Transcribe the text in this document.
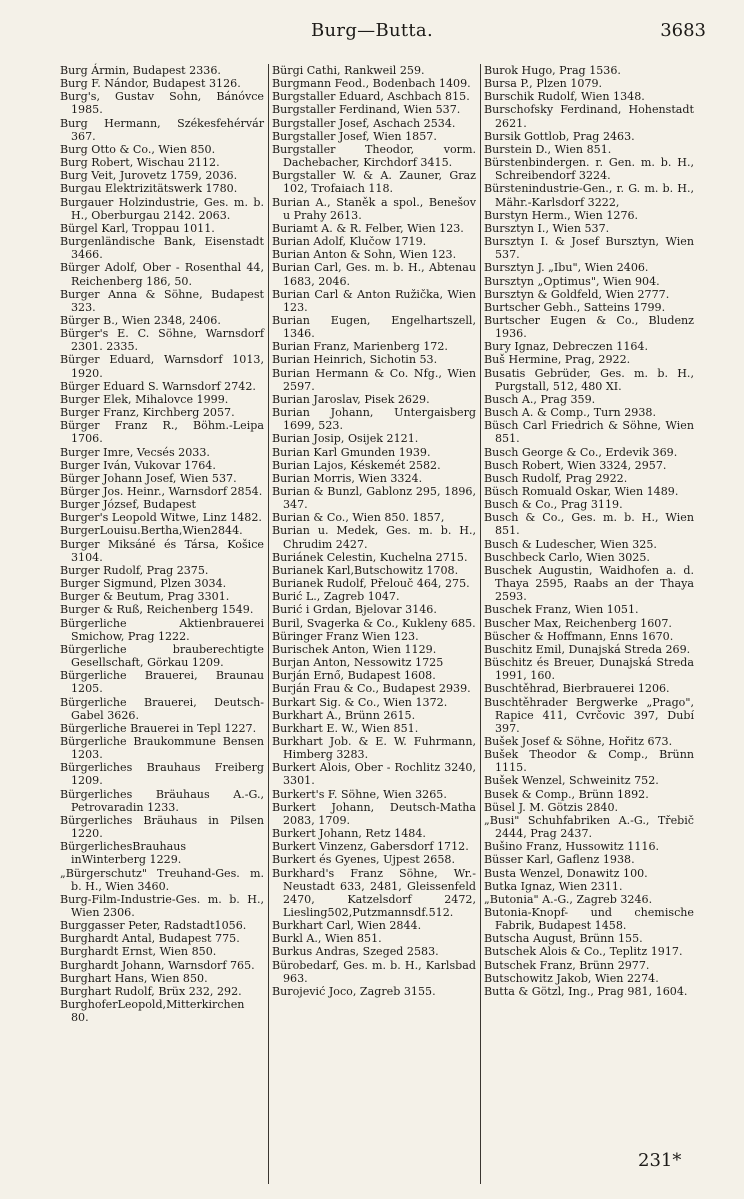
Burg—Butta.	3683
Burg Ármin, Budapest 2336.
Burg F. Nándor, Budapest 3126.
Burg's, Gustav Sohn, Bánóvce 1985.
Burg Hermann, Székesfehérvár 367.
Burg Otto & Co., Wien 850.
Burg Robert, Wischau 2112.
Burg Veit, Jurovetz 1759, 2036.
Burgau Elektrizitätswerk 1780.
Burgauer Holzindustrie, Ges. m. b. H., Oberburgau 2142. 2063.
Bürgel Karl, Troppau 1011.
Burgenländische Bank, Eisenstadt 3466.
Bürger Adolf, Ober - Rosenthal 44, Reichenberg 186, 50.
Burger Anna & Söhne, Budapest 323.
Bürger B., Wien 2348, 2406.
Bürger's E. C. Söhne, Warnsdorf 2301. 2335.
Bürger Eduard, Warnsdorf 1013, 1920.
Bürger Eduard S. Warnsdorf 2742.
Burger Elek, Mihalovce 1999.
Burger Franz, Kirchberg 2057.
Bürger Franz R., Böhm.-Leipa 1706.
Burger Imre, Vecsés 2033.
Burger Iván, Vukovar 1764.
Bürger Johann Josef, Wien 537.
Bürger Jos. Heinr., Warnsdorf 2854.
Burger József, Budapest
Burger's Leopold Witwe, Linz 1482.
BurgerLouisu.Bertha,Wien2844.
Burger Miksáné és Társa, Košice 3104.
Burger Rudolf, Prag 2375.
Burger Sigmund, Plzen 3034.
Burger & Beutum, Prag 3301.
Burger & Ruß, Reichenberg 1549.
Bürgerliche Aktienbrauerei Smichow, Prag 1222.
Bürgerliche brauberechtigte Gesellschaft, Görkau 1209.
Bürgerliche Brauerei, Braunau 1205.
Bürgerliche Brauerei, Deutsch-Gabel 3626.
Bürgerliche Brauerei in Tepl 1227.
Bürgerliche Braukommune Bensen 1203.
Bürgerliches Brauhaus Freiberg 1209.
Bürgerliches Bräuhaus A.-G., Petrovaradin 1233.
Bürgerliches Bräuhaus in Pilsen 1220.
BürgerlichesBrauhaus inWinterberg 1229.
„Bürgerschutz" Treuhand-Ges. m. b. H., Wien 3460.
Burg-Film-Industrie-Ges. m. b. H., Wien 2306.
Burggasser Peter, Radstadt1056.
Burghardt Antal, Budapest 775.
Burghardt Ernst, Wien 850.
Burghardt Johann, Warnsdorf 765.
Burghart Hans, Wien 850.
Burghart Rudolf, Brüx 232, 292.
BurghoferLeopold,Mitterkirchen 80.
Bürgi Cathi, Rankweil 259.
Burgmann Feod., Bodenbach 1409.
Burgstaller Eduard, Aschbach 815.
Burgstaller Ferdinand, Wien 537.
Burgstaller Josef, Aschach 2534.
Burgstaller Josef, Wien 1857.
Burgstaller Theodor, vorm. Dachebacher, Kirchdorf 3415.
Burgstaller W. & A. Zauner, Graz 102, Trofaiach 118.
Burian A., Staněk a spol., Benešov u Prahy 2613.
Buriamt A. & R. Felber, Wien 123.
Burian Adolf, Klučow 1719.
Burian Anton & Sohn, Wien 123.
Burian Carl, Ges. m. b. H., Abtenau 1683, 2046.
Burian Carl & Anton Ružička, Wien 123.
Burian Eugen, Engelhartszell, 1346.
Burian Franz, Marienberg 172.
Burian Heinrich, Sichotin 53.
Burian Hermann & Co. Nfg., Wien 2597.
Burian Jaroslav, Pisek 2629.
Burian Johann, Untergaisberg 1699, 523.
Burian Josip, Osijek 2121.
Burian Karl Gmunden 1939.
Burian Lajos, Késkemét 2582.
Burian Morris, Wien 3324.
Burian & Bunzl, Gablonz 295, 1896, 347.
Burian & Co., Wien 850. 1857,
Burian u. Medek, Ges. m. b. H., Chrudim 2427.
Buriánek Celestin, Kuchelna 2715.
Burianek Karl,Butschowitz 1708.
Burianek Rudolf, Přelouč 464, 275.
Burić L., Zagreb 1047.
Burić i Grdan, Bjelovar 3146.
Buril, Svagerka & Co., Kukleny 685.
Büringer Franz Wien 123.
Burischek Anton, Wien 1129.
Burjan Anton, Nessowitz 1725
Burján Ernő, Budapest 1608.
Burján Frau & Co., Budapest 2939.
Burkart Sig. & Co., Wien 1372.
Burkhart A., Brünn 2615.
Burkhart E. W., Wien 851.
Burkhart Job. & E. W. Fuhrmann, Himberg 3283.
Burkert Alois, Ober - Rochlitz 3240, 3301.
Burkert's F. Söhne, Wien 3265.
Burkert Johann, Deutsch-Matha 2083, 1709.
Burkert Johann, Retz 1484.
Burkert Vinzenz, Gabersdorf 1712.
Burkert és Gyenes, Ujpest 2658.
Burkhard's Franz Söhne, Wr.-Neustadt 633, 2481, Gleissenfeld 2470, Katzelsdorf 2472, Liesling502,Putzmannsdf.512.
Burkhart Carl, Wien 2844.
Burkl A., Wien 851.
Burkus Andras, Szeged 2583.
Bürobedarf, Ges. m. b. H., Karlsbad 963.
Burojević Joco, Zagreb 3155.
Burok Hugo, Prag 1536.
Bursa P., Plzen 1079.
Burschik Rudolf, Wien 1348.
Burschofsky Ferdinand, Hohenstadt 2621.
Bursik Gottlob, Prag 2463.
Burstein D., Wien 851.
Bürstenbindergen. r. Gen. m. b. H., Schreibendorf 3224.
Bürstenindustrie-Gen., r. G. m. b. H., Mähr.-Karlsdorf 3222,
Burstyn Herm., Wien 1276.
Bursztyn I., Wien 537.
Bursztyn I. & Josef Bursztyn, Wien 537.
Bursztyn J. „Ibu", Wien 2406.
Bursztyn „Optimus", Wien 904.
Bursztyn & Goldfeld, Wien 2777.
Burtscher Gebh., Satteins 1799.
Burtscher Eugen & Co., Bludenz 1936.
Bury Ignaz, Debreczen 1164.
Buš Hermine, Prag, 2922.
Busatis Gebrüder, Ges. m. b. H., Purgstall, 512, 480 XI.
Busch A., Prag 359.
Busch A. & Comp., Turn 2938.
Büsch Carl Friedrich & Söhne, Wien 851.
Busch George & Co., Erdevik 369.
Busch Robert, Wien 3324, 2957.
Busch Rudolf, Prag 2922.
Büsch Romuald Oskar, Wien 1489.
Busch & Co., Prag 3119.
Busch & Co., Ges. m. b. H., Wien 851.
Busch & Ludescher, Wien 325.
Buschbeck Carlo, Wien 3025.
Buschek Augustin, Waidhofen a. d. Thaya 2595, Raabs an der Thaya 2593.
Buschek Franz, Wien 1051.
Buscher Max, Reichenberg 1607.
Büscher & Hoffmann, Enns 1670.
Buschitz Emil, Dunajská Streda 269.
Büschitz és Breuer, Dunajská Streda 1991, 160.
Buschtěhrad, Bierbrauerei 1206.
Buschtěhrader Bergwerke „Prago", Rapice 411, Cvrčovic 397, Dubí 397.
Bušek Josef & Söhne, Hořitz 673.
Bušek Theodor & Comp., Brünn 1115.
Bušek Wenzel, Schweinitz 752.
Busek & Comp., Brünn 1892.
Büsel J. M. Götzis 2840.
„Busi" Schuhfabriken A.-G., Třebič 2444, Prag 2437.
Bušino Franz, Hussowitz 1116.
Büsser Karl, Gaflenz 1938.
Busta Wenzel, Donawitz 100.
Butka Ignaz, Wien 2311.
„Butonia" A.-G., Zagreb 3246.
Butonia-Knopf- und chemische Fabrik, Budapest 1458.
Butscha August, Brünn 155.
Butschek Alois & Co., Teplitz 1917.
Butschek Franz, Brünn 2977.
Butschowitz Jakob, Wien 2274.
Butta & Götzl, Ing., Prag 981, 1604.
231*
